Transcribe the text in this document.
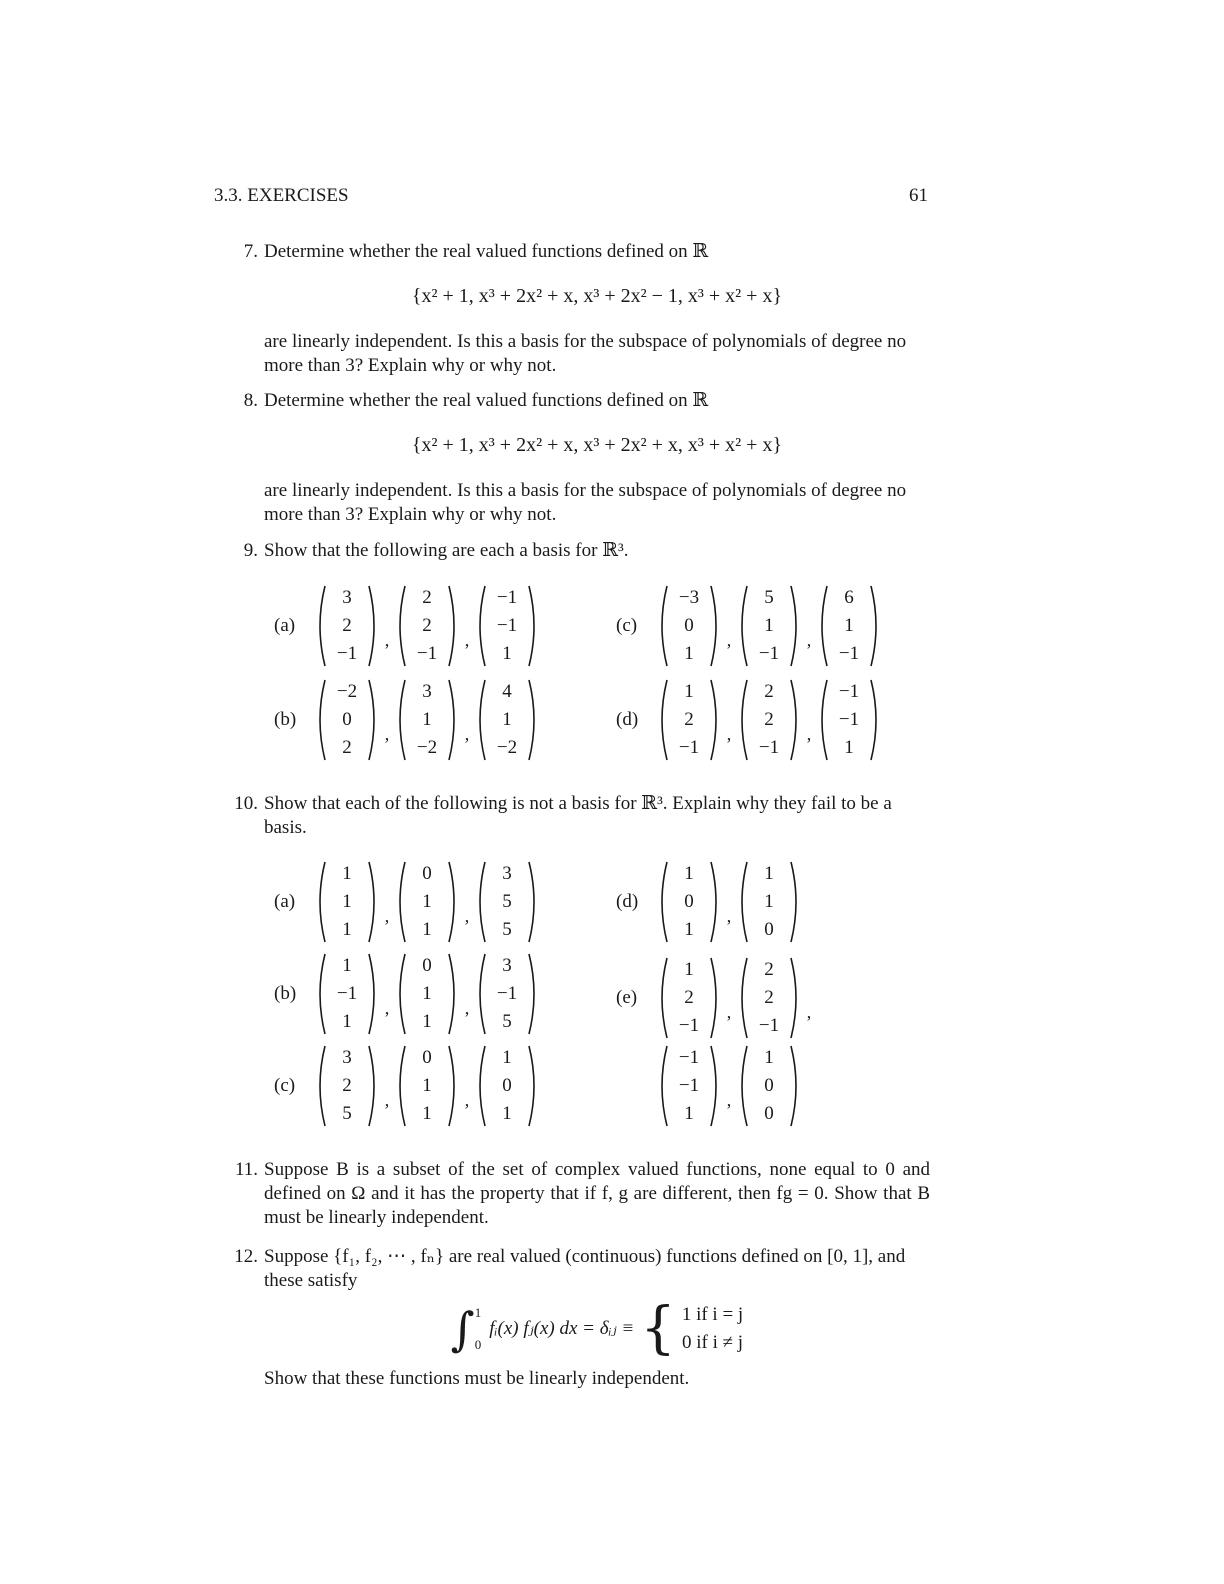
3.3. EXERCISES	61
7. Determine whether the real valued functions defined on ℝ

{x² + 1, x³ + 2x² + x, x³ + 2x² − 1, x³ + x² + x}

are linearly independent. Is this a basis for the subspace of polynomials of degree no more than 3? Explain why or why not.

8. Determine whether the real valued functions defined on ℝ

{x² + 1, x³ + 2x² + x, x³ + 2x² + x, x³ + x² + x}

are linearly independent. Is this a basis for the subspace of polynomials of degree no more than 3? Explain why or why not.

9. Show that the following are each a basis for ℝ³.

(a)
3
2
−1
,
2
2
−1
,
−1
−1
1
(b)
−2
0
2
,
3
1
−2
,
4
1
−2
(c)
−3
0
1
,
5
1
−1
,
6
1
−1
(d)
1
2
−1
,
2
2
−1
,
−1
−1
1
10. Show that each of the following is not a basis for ℝ³. Explain why they fail to be a basis.

(a)
1
1
1
,
0
1
1
,
3
5
5
(b)
1
−1
1
,
0
1
1
,
3
−1
5
(c)
3
2
5
,
0
1
1
,
1
0
1
(d)
1
0
1
,
1
1
0
(e)
1
2
−1
,
2
2
−1
,
−1
−1
1
,
1
0
0
11. Suppose B is a subset of the set of complex valued functions, none equal to 0 and defined on Ω and it has the property that if f, g are different, then fg = 0. Show that B must be linearly independent.

12. Suppose {f₁, f₂, ⋯ , fₙ} are real valued (continuous) functions defined on [0, 1], and these satisfy

∫ 1
0
fᵢ(x) fⱼ(x) dx = δᵢⱼ ≡ { 1 if i = j
0 if i ≠ j

Show that these functions must be linearly independent.
